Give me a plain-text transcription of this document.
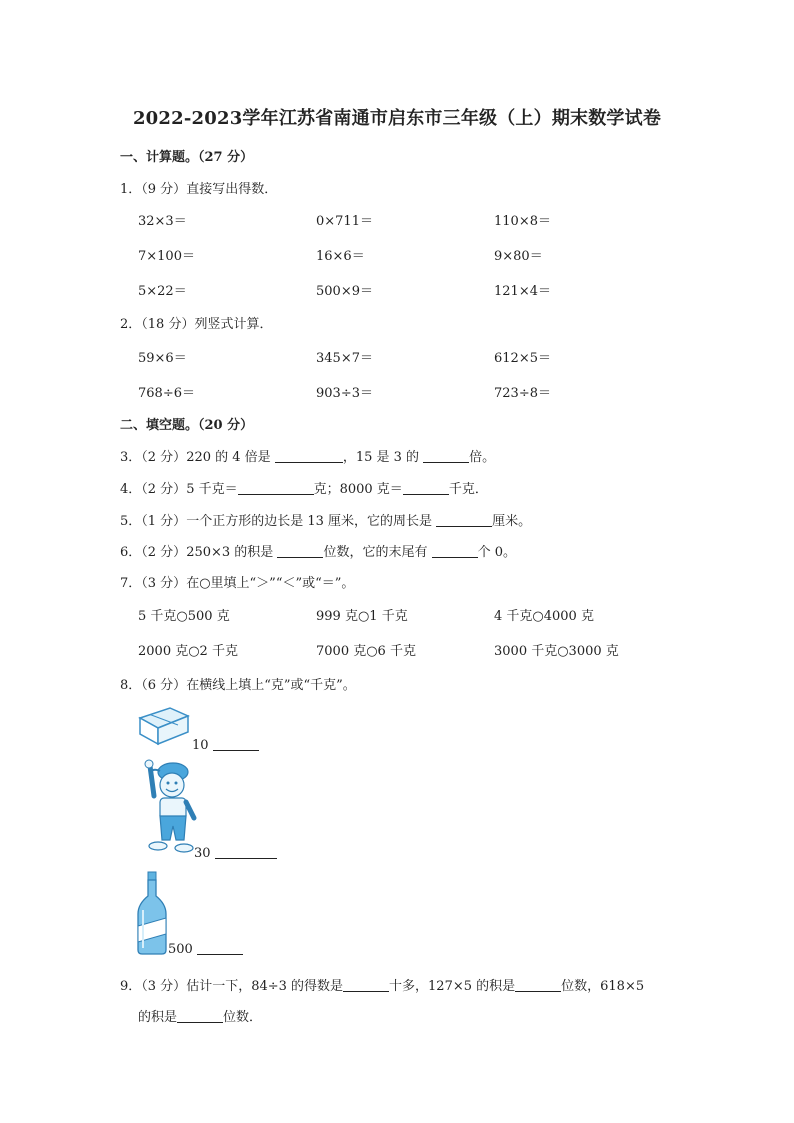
2022-2023学年江苏省南通市启东市三年级（上）期末数学试卷
一、计算题。（27 分）
1．（9 分）直接写出得数．
32×3＝	0×711＝	110×8＝
7×100＝	16×6＝	9×80＝
5×22＝	500×9＝	121×4＝
2．（18 分）列竖式计算．
59×6＝	345×7＝	612×5＝
768÷6＝	903÷3＝	723÷8＝
二、填空题。（20 分）
3．（2 分）220 的 4 倍是	，15 是 3 的	倍。
4．（2 分）5 千克＝	克；8000 克＝	千克．
5．（1 分）一个正方形的边长是 13 厘米，它的周长是	厘米。
6．（2 分）250×3 的积是	位数，它的末尾有	个 0。
7．（3 分）在○里填上“＞”“＜”或“＝”。
5 千克○500 克	999 克○1 千克	4 千克○4000 克
2000 克○2 千克	7000 克○6 千克	3000 千克○3000 克
8．（6 分）在横线上填上“克”或“千克”。
10
30
500
9．（3 分）估计一下，84÷3 的得数是	十多，127×5 的积是	位数，618×5
的积是	位数．
